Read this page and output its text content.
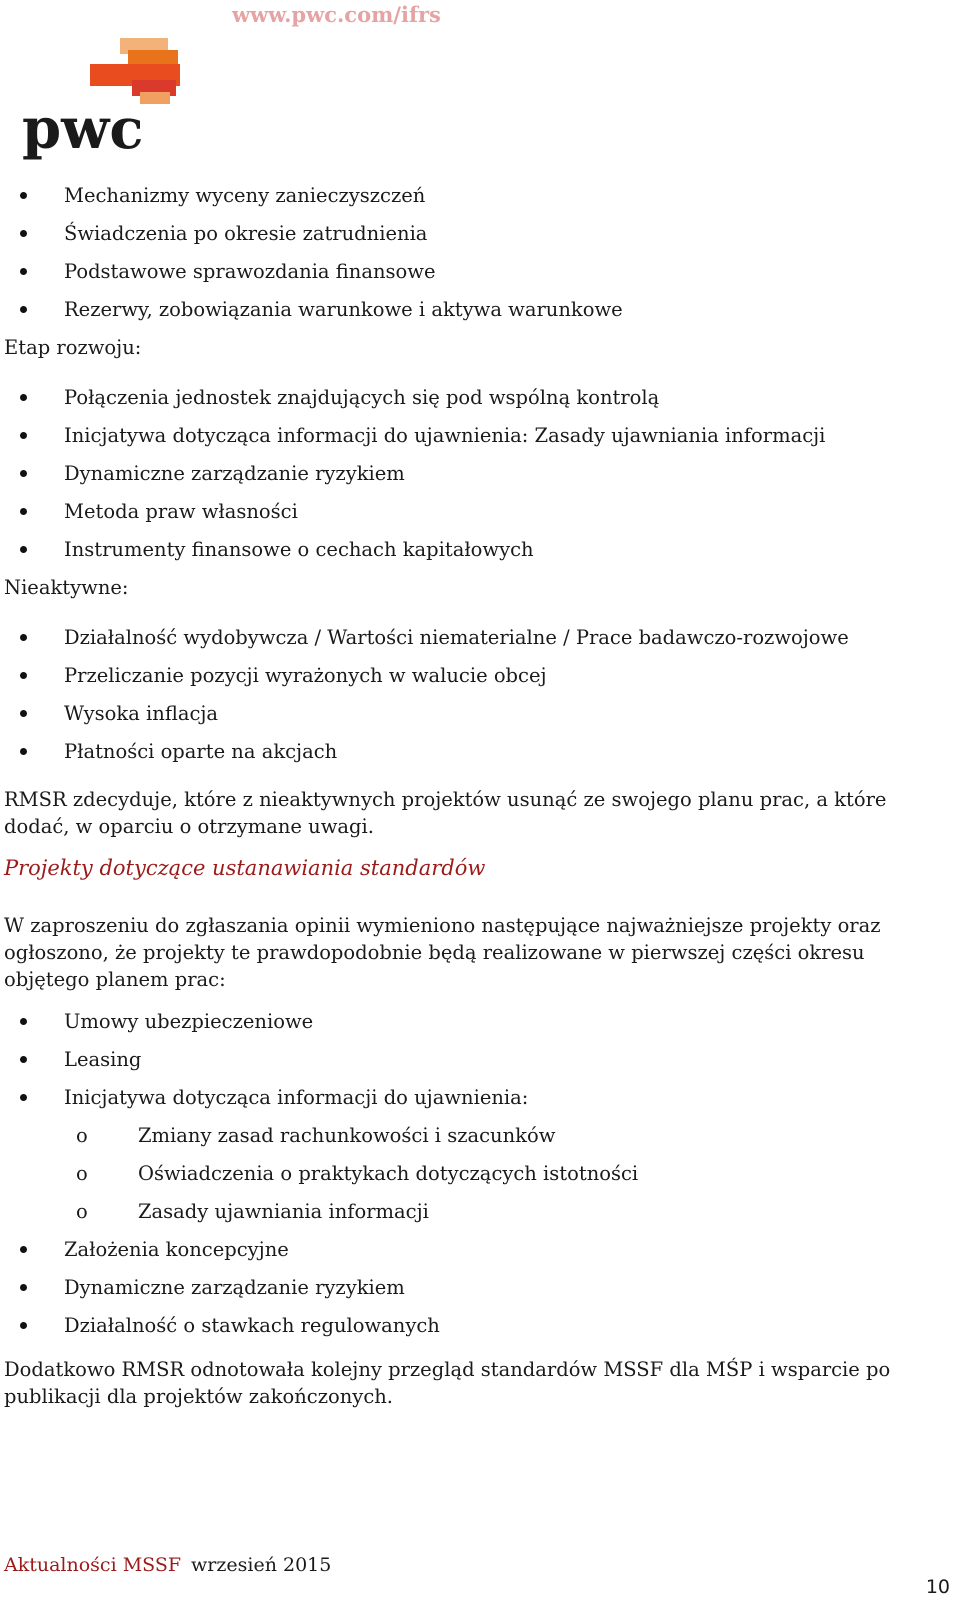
www.pwc.com/ifrs
pwc
Mechanizmy wyceny zanieczyszczeń
Świadczenia po okresie zatrudnienia
Podstawowe sprawozdania finansowe
Rezerwy, zobowiązania warunkowe i aktywa warunkowe
Etap rozwoju:
Połączenia jednostek znajdujących się pod wspólną kontrolą
Inicjatywa dotycząca informacji do ujawnienia: Zasady ujawniania informacji
Dynamiczne zarządzanie ryzykiem
Metoda praw własności
Instrumenty finansowe o cechach kapitałowych
Nieaktywne:
Działalność wydobywcza / Wartości niematerialne / Prace badawczo-rozwojowe
Przeliczanie pozycji wyrażonych w walucie obcej
Wysoka inflacja
Płatności oparte na akcjach
RMSR zdecyduje, które z nieaktywnych projektów usunąć ze swojego planu prac, a które dodać, w oparciu o otrzymane uwagi.
Projekty dotyczące ustanawiania standardów
W zaproszeniu do zgłaszania opinii wymieniono następujące najważniejsze projekty oraz ogłoszono, że projekty te prawdopodobnie będą realizowane w pierwszej części okresu objętego planem prac:
Umowy ubezpieczeniowe
Leasing
Inicjatywa dotycząca informacji do ujawnienia:
o	Zmiany zasad rachunkowości i szacunków
o	Oświadczenia o praktykach dotyczących istotności
o	Zasady ujawniania informacji
Założenia koncepcyjne
Dynamiczne zarządzanie ryzykiem
Działalność o stawkach regulowanych
Dodatkowo RMSR odnotowała kolejny przegląd standardów MSSF dla MŚP i wsparcie po publikacji dla projektów zakończonych.
Aktualności MSSF wrzesień 2015
10
